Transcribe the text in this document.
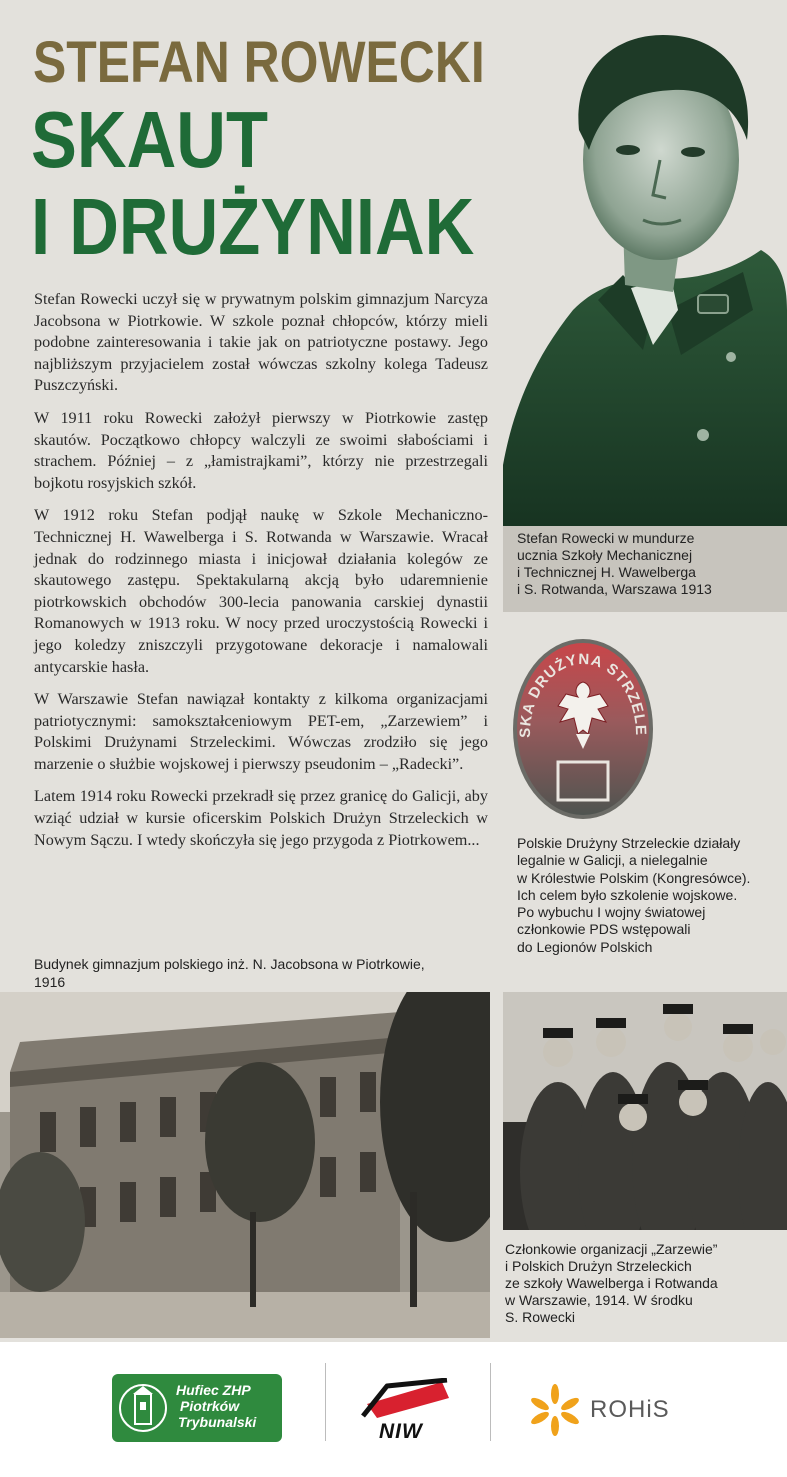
STEFAN ROWECKI
SKAUT
I DRUŻYNIAK
Stefan Rowecki w mundurze
ucznia Szkoły Mechanicznej
i Technicznej H. Wawelberga
i S. Rotwanda, Warszawa 1913

Stefan Rowecki uczył się w prywatnym polskim gimnazjum Narcyza Jacobsona w Piotrkowie. W szkole poznał chłopców, którzy mieli podobne zainteresowania i takie jak on patriotyczne postawy. Jego najbliższym przyjacielem został wówczas szkolny kolega Tadeusz Puszczyński.

W 1911 roku Rowecki założył pierwszy w Piotrkowie zastęp skautów. Początkowo chłopcy walczyli ze swoimi słabościami i strachem. Później – z „łamistrajkami”, którzy nie przestrzegali bojkotu rosyjskich szkół.

W 1912 roku Stefan podjął naukę w Szkole Mechaniczno-Technicznej H. Wawelberga i S. Rotwanda w Warszawie. Wracał jednak do rodzinnego miasta i inicjował działania kolegów ze skautowego zastępu. Spektakularną akcją było udaremnienie piotrkowskich obchodów 300-lecia panowania carskiej dynastii Romanowych w 1913 roku. W nocy przed uroczystością Rowecki i jego koledzy zniszczyli przygotowane dekoracje i namalowali antycarskie hasła.

W Warszawie Stefan nawiązał kontakty z kilkoma organizacjami patriotycznymi: samokształceniowym PET-em, „Zarzewiem” i Polskimi Drużynami Strzeleckimi. Wówczas zrodziło się jego marzenie o służbie wojskowej i pierwszy pseudonim – „Radecki”.

Latem 1914 roku Rowecki przekradł się przez granicę do Galicji, aby wziąć udział w kursie oficerskim Polskich Drużyn Strzeleckich w Nowym Sączu. I wtedy skończyła się jego przygoda z Piotrkowem...

SKA DRUŻYNA STRZELE
Polskie Drużyny Strzeleckie działały
legalnie w Galicji, a nielegalnie
w Królestwie Polskim (Kongresówce).
Ich celem było szkolenie wojskowe.
Po wybuchu I wojny światowej
członkowie PDS wstępowali
do Legionów Polskich
Budynek gimnazjum polskiego inż. N. Jacobsona w Piotrkowie,
1916
Członkowie organizacji „Zarzewie”
i Polskich Drużyn Strzeleckich
ze szkoły Wawelberga i Rotwanda
w Warszawie, 1914. W środku
S. Rowecki
Hufiec ZHP
Piotrków
Trybunalski	NIW
ROHiS
